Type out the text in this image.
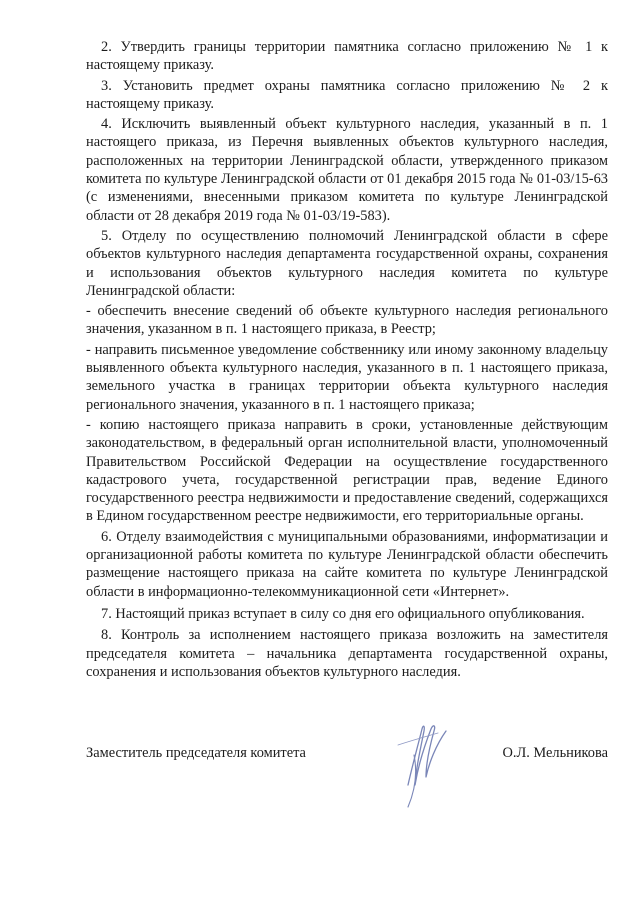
2. Утвердить границы территории памятника согласно приложению № 1 к настоящему приказу.

3. Установить предмет охраны памятника согласно приложению № 2 к настоящему приказу.

4. Исключить выявленный объект культурного наследия, указанный в п. 1 настоящего приказа, из Перечня выявленных объектов культурного наследия, расположенных на территории Ленинградской области, утвержденного приказом комитета по культуре Ленинградской области от 01 декабря 2015 года № 01-03/15-63 (с изменениями, внесенными приказом комитета по культуре Ленинградской области от 28 декабря 2019 года № 01-03/19-583).

5. Отделу по осуществлению полномочий Ленинградской области в сфере объектов культурного наследия департамента государственной охраны, сохранения и использования объектов культурного наследия комитета по культуре Ленинградской области:

- обеспечить внесение сведений об объекте культурного наследия регионального значения, указанном в п. 1 настоящего приказа, в Реестр;

- направить письменное уведомление собственнику или иному законному владельцу выявленного объекта культурного наследия, указанного в п. 1 настоящего приказа, земельного участка в границах территории объекта культурного наследия регионального значения, указанного в п. 1 настоящего приказа;

- копию настоящего приказа направить в сроки, установленные действующим законодательством, в федеральный орган исполнительной власти, уполномоченный Правительством Российской Федерации на осуществление государственного кадастрового учета, государственной регистрации прав, ведение Единого государственного реестра недвижимости и предоставление сведений, содержащихся в Едином государственном реестре недвижимости, его территориальные органы.

6. Отделу взаимодействия с муниципальными образованиями, информатизации и организационной работы комитета по культуре Ленинградской области обеспечить размещение настоящего приказа на сайте комитета по культуре Ленинградской области в информационно-телекоммуникационной сети «Интернет».

7. Настоящий приказ вступает в силу со дня его официального опубликования.

8. Контроль за исполнением настоящего приказа возложить на заместителя председателя комитета – начальника департамента государственной охраны, сохранения и использования объектов культурного наследия.

Заместитель председателя комитета	О.Л. Мельникова
